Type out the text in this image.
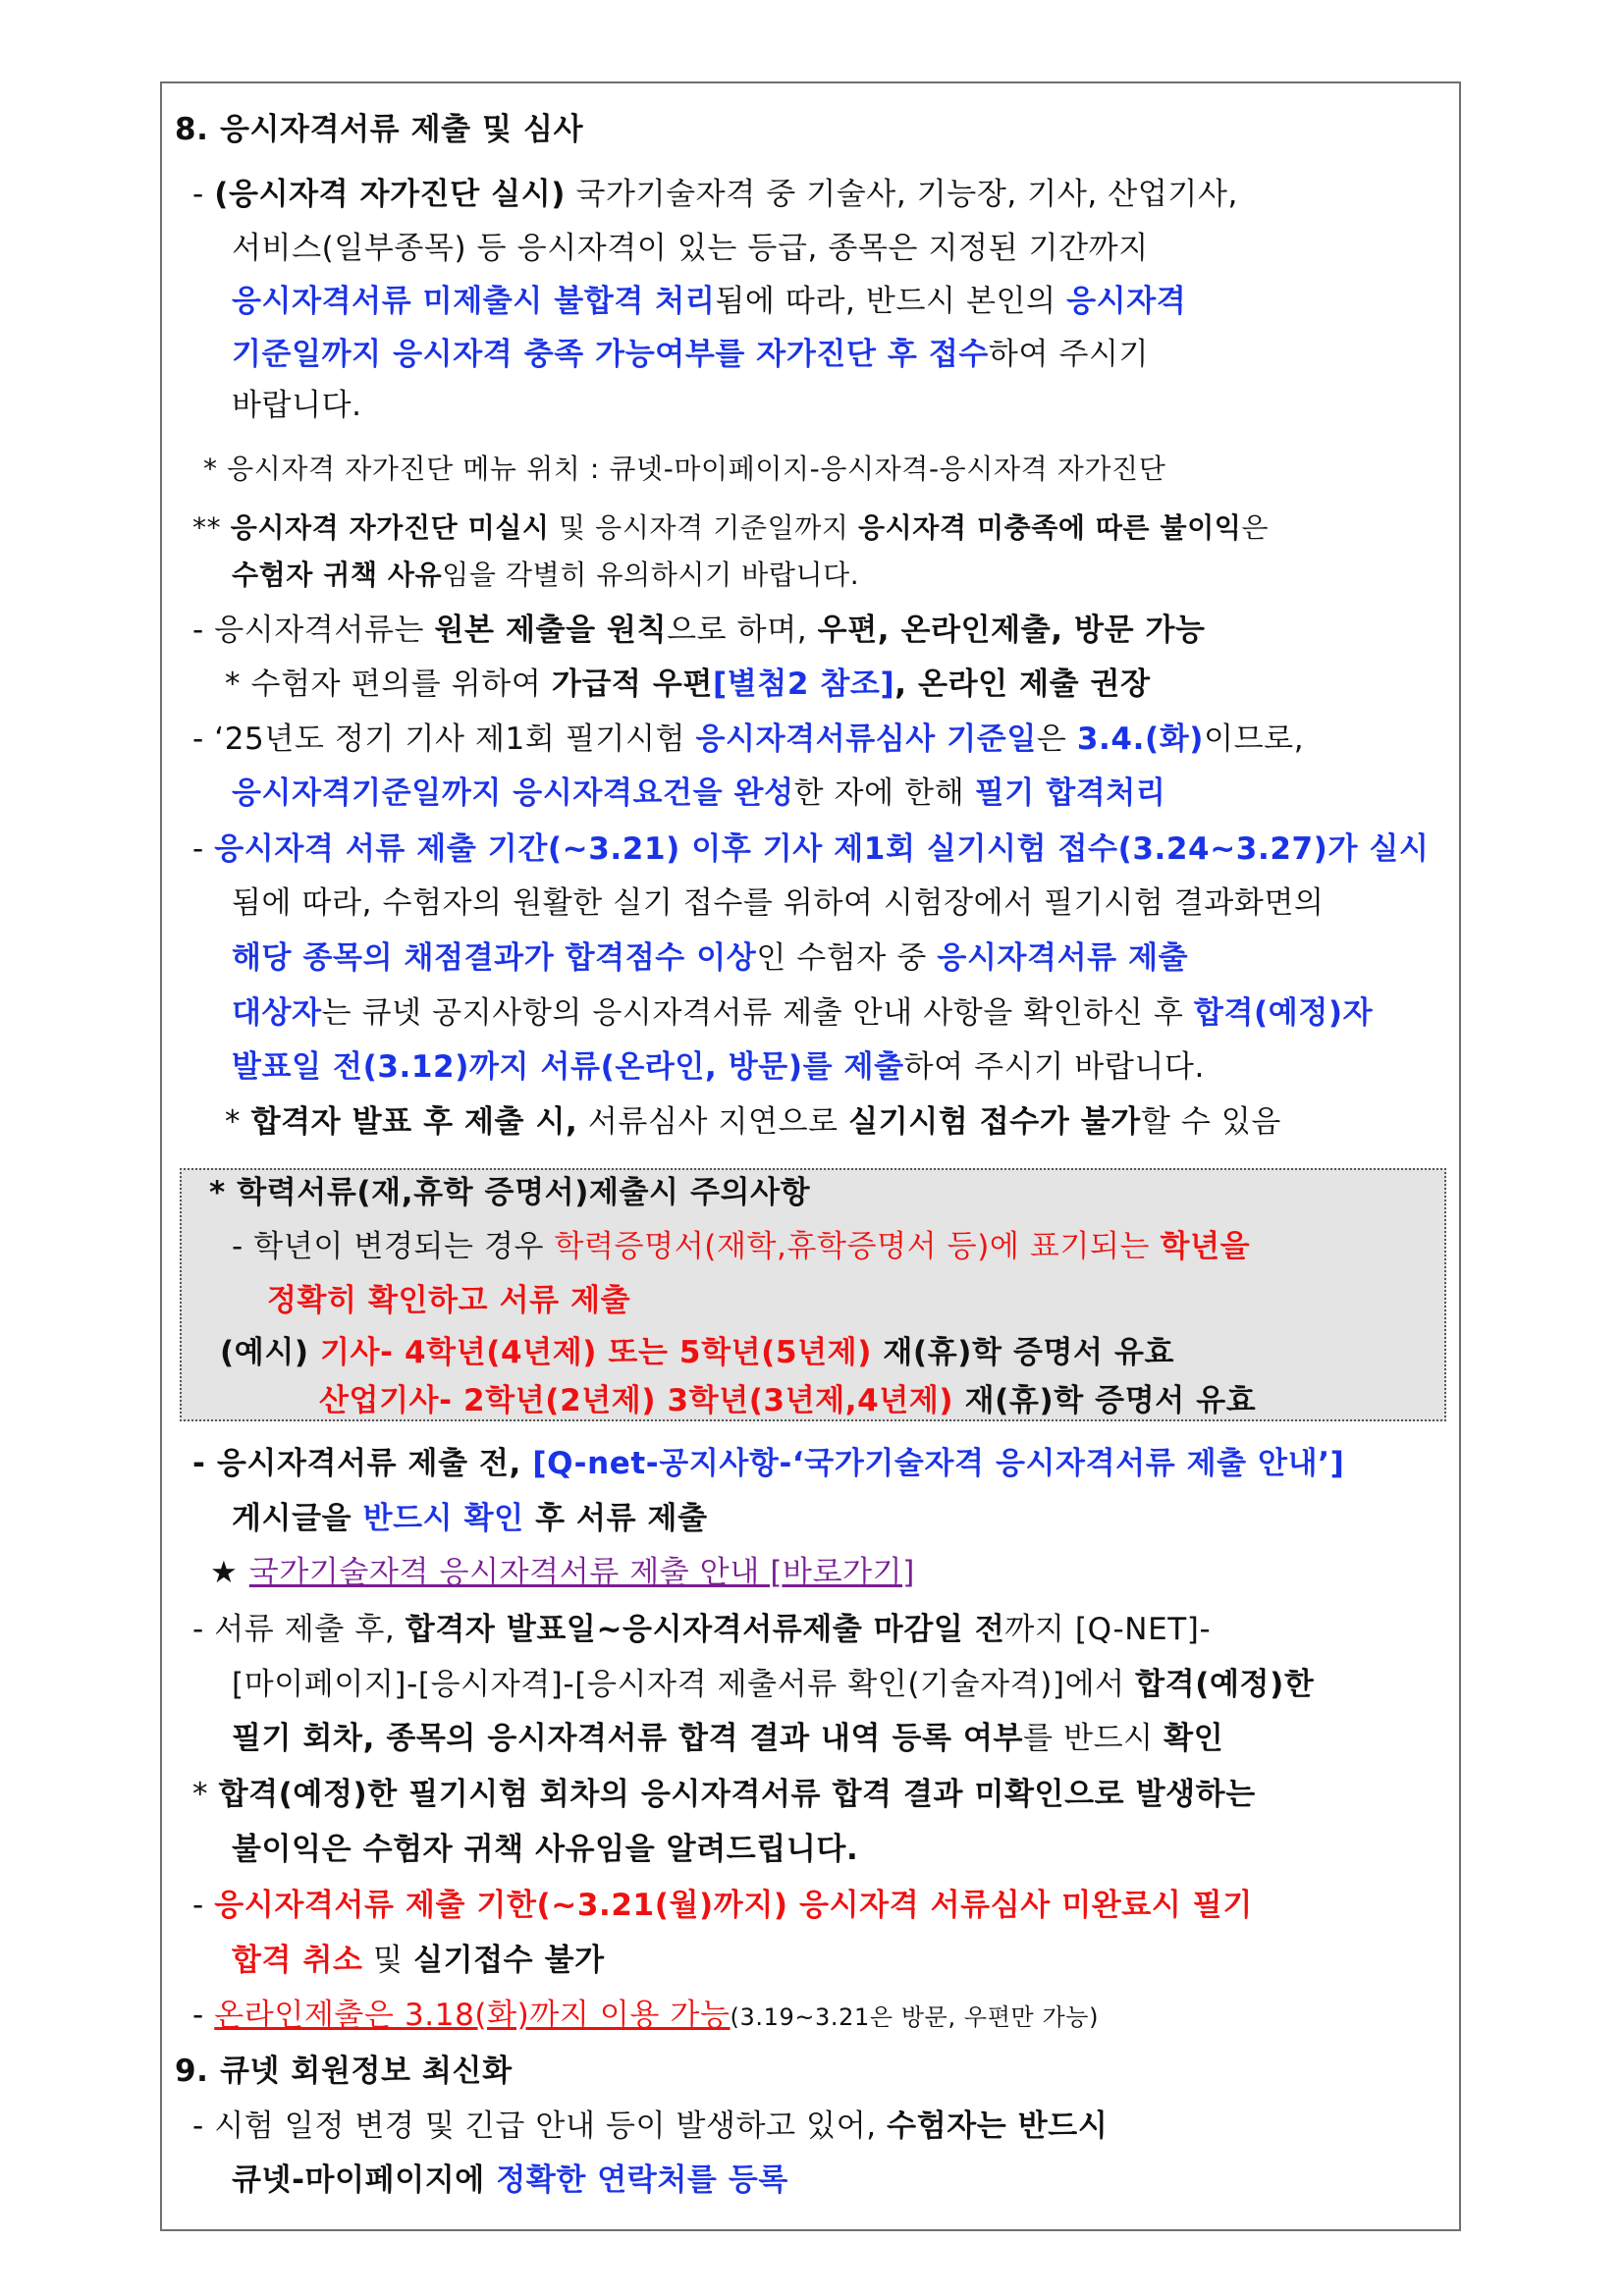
8. 응시자격서류 제출 및 심사
- (응시자격 자가진단 실시) 국가기술자격 중 기술사, 기능장, 기사, 산업기사,
서비스(일부종목) 등 응시자격이 있는 등급, 종목은 지정된 기간까지
응시자격서류 미제출시 불합격 처리됨에 따라, 반드시 본인의 응시자격
기준일까지 응시자격 충족 가능여부를 자가진단 후 접수하여 주시기
바랍니다.
* 응시자격 자가진단 메뉴 위치 : 큐넷-마이페이지-응시자격-응시자격 자가진단
** 응시자격 자가진단 미실시 및 응시자격 기준일까지 응시자격 미충족에 따른 불이익은
수험자 귀책 사유임을 각별히 유의하시기 바랍니다.
- 응시자격서류는 원본 제출을 원칙으로 하며, 우편, 온라인제출, 방문 가능
* 수험자 편의를 위하여 가급적 우편[별첨2 참조], 온라인 제출 권장
- ‘25년도 정기 기사 제1회 필기시험 응시자격서류심사 기준일은 3.4.(화)이므로,
응시자격기준일까지 응시자격요건을 완성한 자에 한해 필기 합격처리
- 응시자격 서류 제출 기간(~3.21) 이후 기사 제1회 실기시험 접수(3.24~3.27)가 실시
됨에 따라, 수험자의 원활한 실기 접수를 위하여 시험장에서 필기시험 결과화면의
해당 종목의 채점결과가 합격점수 이상인 수험자 중 응시자격서류 제출
대상자는 큐넷 공지사항의 응시자격서류 제출 안내 사항을 확인하신 후 합격(예정)자
발표일 전(3.12)까지 서류(온라인, 방문)를 제출하여 주시기 바랍니다.
* 합격자 발표 후 제출 시, 서류심사 지연으로 실기시험 접수가 불가할 수 있음
* 학력서류(재,휴학 증명서)제출시 주의사항
- 학년이 변경되는 경우 학력증명서(재학,휴학증명서 등)에 표기되는 학년을
정확히 확인하고 서류 제출
(예시) 기사- 4학년(4년제) 또는 5학년(5년제) 재(휴)학 증명서 유효
산업기사- 2학년(2년제) 3학년(3년제,4년제) 재(휴)학 증명서 유효
- 응시자격서류 제출 전, [Q-net-공지사항-‘국가기술자격 응시자격서류 제출 안내’]
게시글을 반드시 확인 후 서류 제출
★ 국가기술자격 응시자격서류 제출 안내 [바로가기]
- 서류 제출 후, 합격자 발표일~응시자격서류제출 마감일 전까지 [Q-NET]-
[마이페이지]-[응시자격]-[응시자격 제출서류 확인(기술자격)]에서 합격(예정)한
필기 회차, 종목의 응시자격서류 합격 결과 내역 등록 여부를 반드시 확인
* 합격(예정)한 필기시험 회차의 응시자격서류 합격 결과 미확인으로 발생하는
불이익은 수험자 귀책 사유임을 알려드립니다.
- 응시자격서류 제출 기한(~3.21(월)까지) 응시자격 서류심사 미완료시 필기
합격 취소 및 실기접수 불가
- 온라인제출은 3.18(화)까지 이용 가능(3.19~3.21은 방문, 우편만 가능)
9. 큐넷 회원정보 최신화
- 시험 일정 변경 및 긴급 안내 등이 발생하고 있어, 수험자는 반드시
큐넷-마이페이지에 정확한 연락처를 등록
